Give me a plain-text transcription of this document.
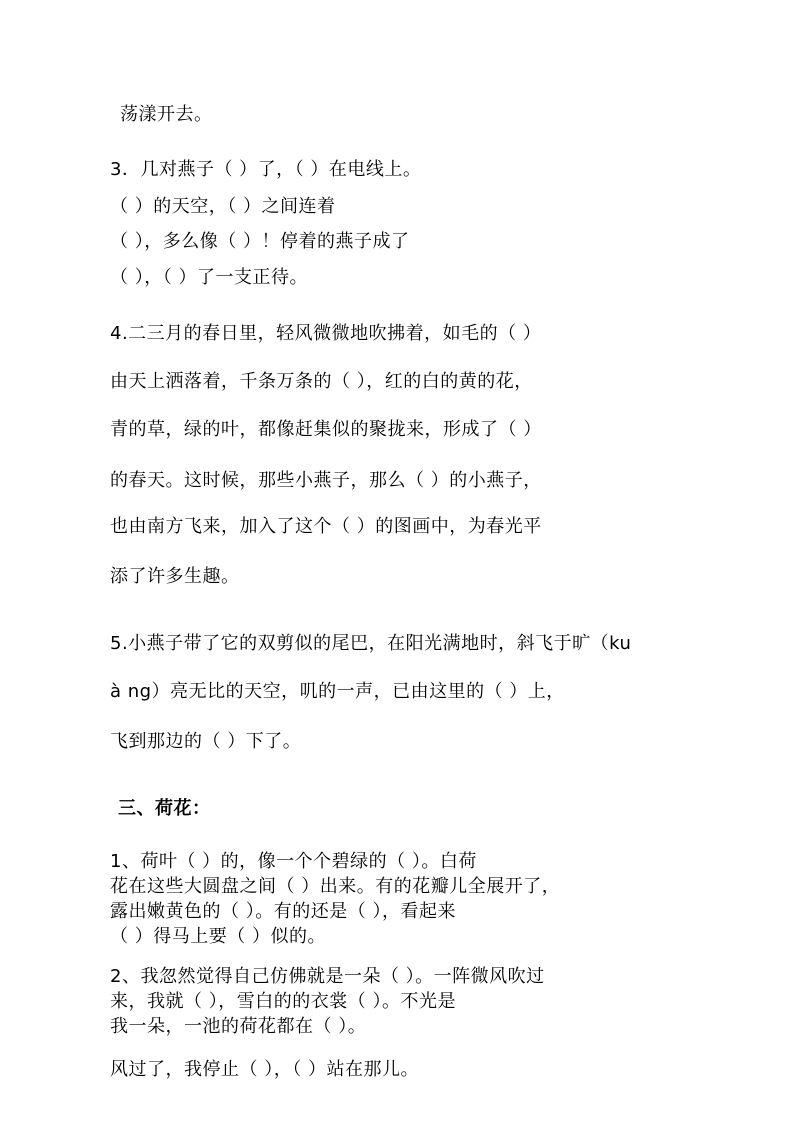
荡漾开去。
3．几对燕子（ ）了，（ ）在电线上。
（ ）的天空，（ ）之间连着
（ ），多么像（ ）！停着的燕子成了
（ ），（ ）了一支正待。
4.二三月的春日里，轻风微微地吹拂着，如毛的（ ）
由天上洒落着，千条万条的（ ），红的白的黄的花，
青的草，绿的叶，都像赶集似的聚拢来，形成了（ ）
的春天。这时候，那些小燕子，那么（ ）的小燕子，
也由南方飞来，加入了这个（ ）的图画中，为春光平
添了许多生趣。
5.小燕子带了它的双剪似的尾巴，在阳光满地时，斜飞于旷（ku
à ng）亮无比的天空，叽的一声，已由这里的（ ）上，
飞到那边的（ ）下了。
三、荷花：
1、荷叶（ ）的，像一个个碧绿的（ ）。白荷
花在这些大圆盘之间（ ）出来。有的花瓣儿全展开了，
露出嫩黄色的（ ）。有的还是（ ），看起来
（ ）得马上要（ ）似的。
2、我忽然觉得自己仿佛就是一朵（ ）。一阵微风吹过
来，我就（ ），雪白的的衣裳（ ）。不光是
我一朵，一池的荷花都在（ ）。
风过了，我停止（ ），（ ）站在那儿。
